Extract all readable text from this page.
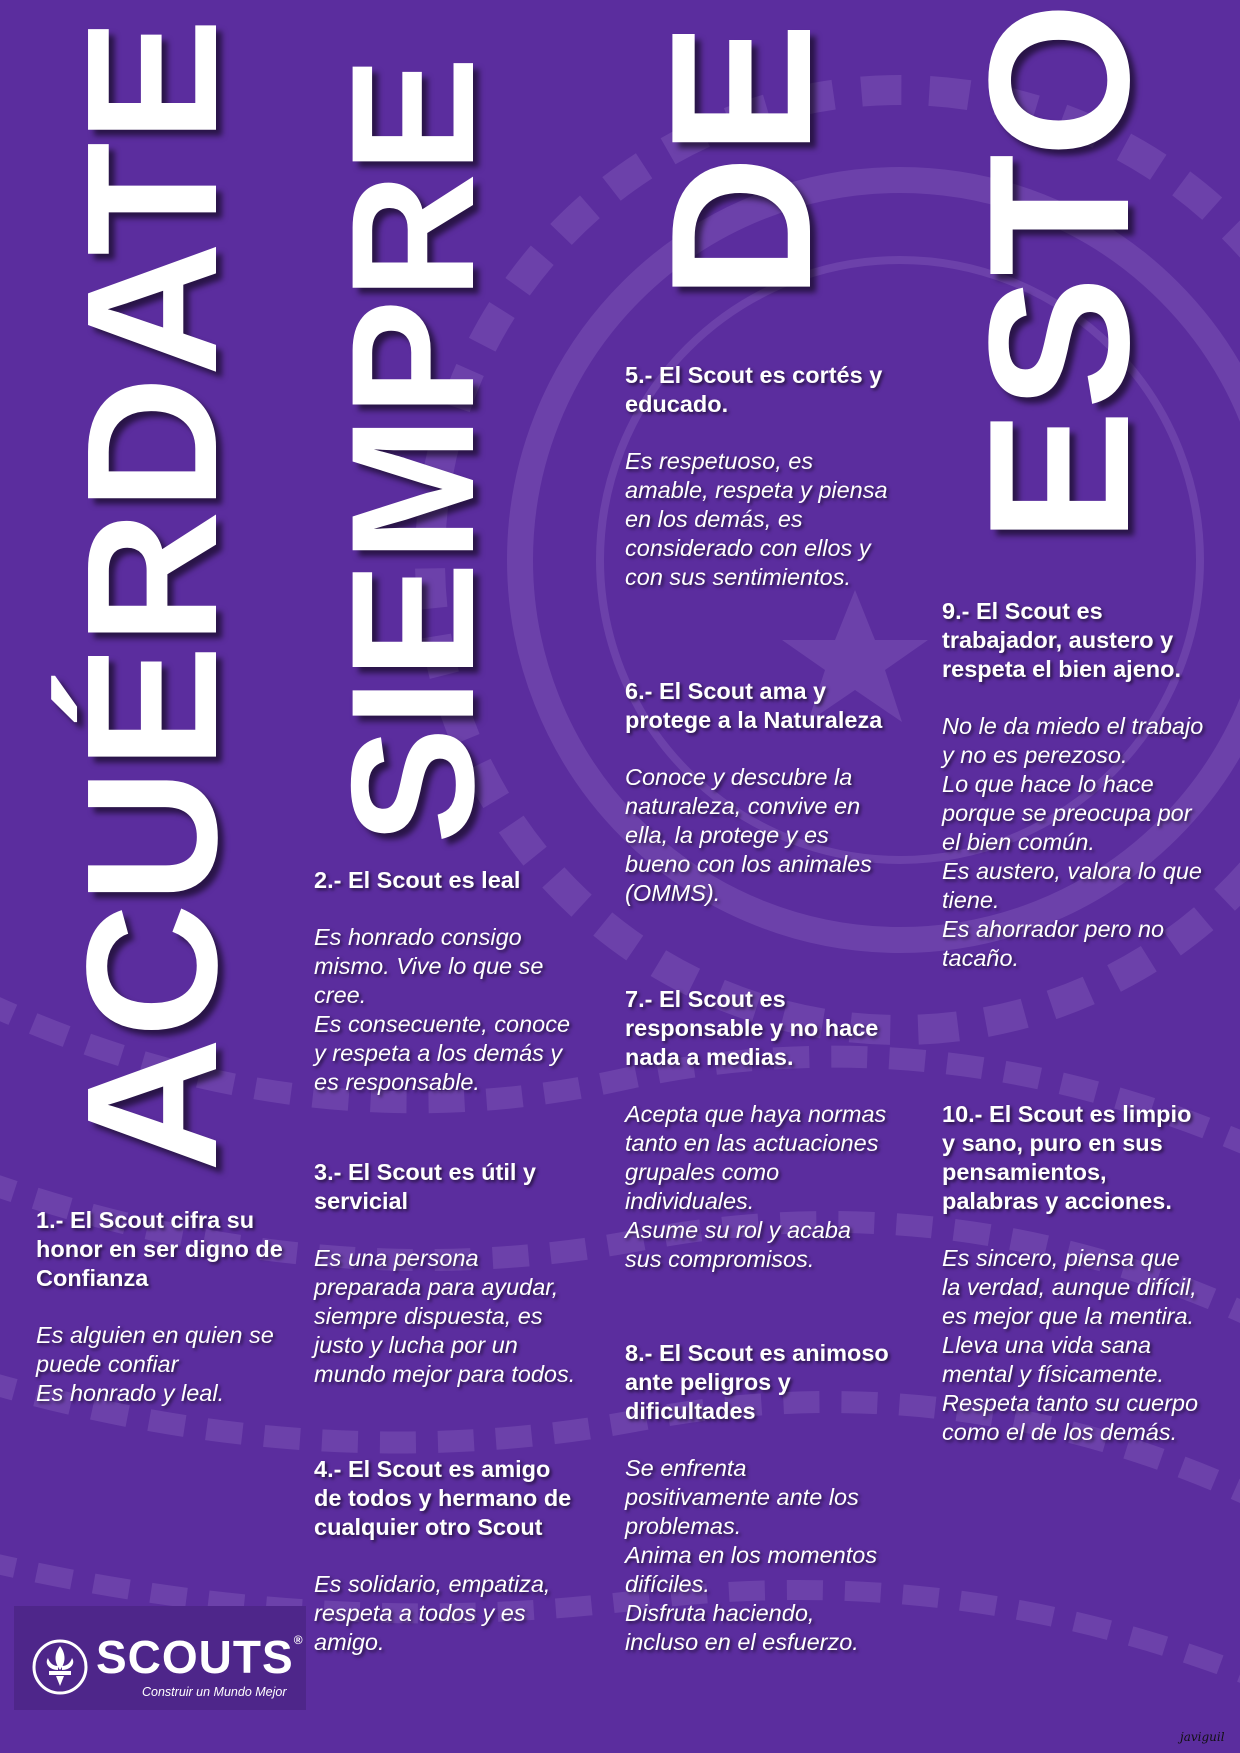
ACUÉRDATE SIEMPRE DE ESTO

1.- El Scout cifra su honor en ser digno de Confianza

Es alguien en quien se puede confiar
Es honrado y leal.

2.- El Scout es leal

Es honrado consigo mismo. Vive lo que se cree.
Es consecuente, conoce y respeta a los demás y es responsable.

3.- El Scout es útil y servicial

Es una persona preparada para ayudar, siempre dispuesta, es justo y lucha por un mundo mejor para todos.

4.- El Scout es amigo de todos y hermano de cualquier otro Scout

Es solidario, empatiza, respeta a todos y es amigo.

5.- El Scout es cortés y educado.

Es respetuoso, es amable, respeta y piensa en los demás, es considerado con ellos y con sus sentimientos.

6.- El Scout ama y protege a la Naturaleza

Conoce y descubre la naturaleza, convive en ella, la protege y es bueno con los animales (OMMS).

7.- El Scout es responsable y no hace nada a medias.

Acepta que haya normas tanto en las actuaciones grupales como individuales.
Asume su rol y acaba sus compromisos.

8.- El Scout es animoso ante peligros y dificultades

Se enfrenta positivamente ante los problemas.
Anima en los momentos difíciles.
Disfruta haciendo, incluso en el esfuerzo.

9.- El Scout es trabajador, austero y respeta el bien ajeno.

No le da miedo el trabajo y no es perezoso.
Lo que hace lo hace porque se preocupa por el bien común.
Es austero, valora lo que tiene.
Es ahorrador pero no tacaño.

10.- El Scout es limpio y sano, puro en sus pensamientos, palabras y acciones.

Es sincero, piensa que la verdad, aunque difícil, es mejor que la mentira.
Lleva una vida sana mental y físicamente.
Respeta tanto su cuerpo como el de los demás.

SCOUTS®
Construir un Mundo Mejor
javiguil
